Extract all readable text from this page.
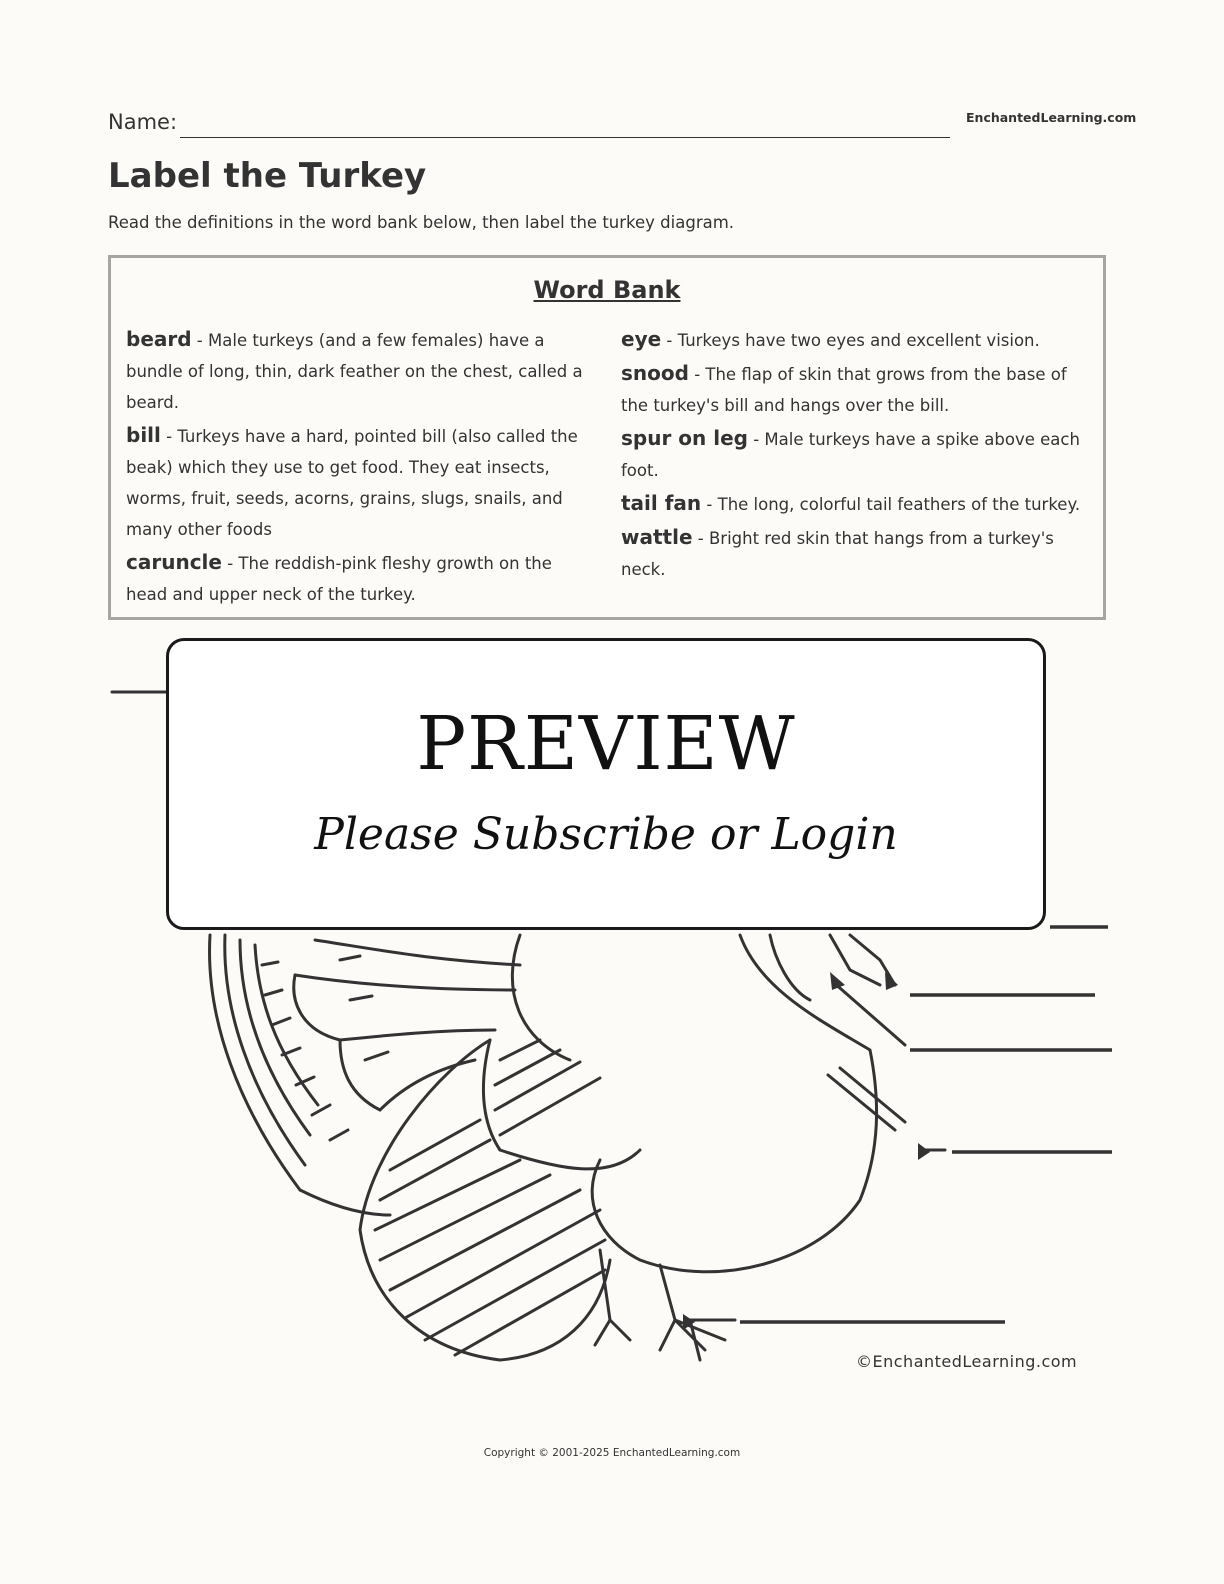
Name:	EnchantedLearning.com
Label the Turkey
Read the definitions in the word bank below, then label the turkey diagram.
Word Bank
beard - Male turkeys (and a few females) have a bundle of long, thin, dark feather on the chest, called a beard.
bill - Turkeys have a hard, pointed bill (also called the beak) which they use to get food. They eat insects, worms, fruit, seeds, acorns, grains, slugs, snails, and many other foods
caruncle - The reddish-pink fleshy growth on the head and upper neck of the turkey.
eye - Turkeys have two eyes and excellent vision.
snood - The flap of skin that grows from the base of the turkey's bill and hangs over the bill.
spur on leg - Male turkeys have a spike above each foot.
tail fan - The long, colorful tail feathers of the turkey.
wattle - Bright red skin that hangs from a turkey's neck.
PREVIEW
Please Subscribe or Login
©EnchantedLearning.com
Copyright © 2001-2025 EnchantedLearning.com
